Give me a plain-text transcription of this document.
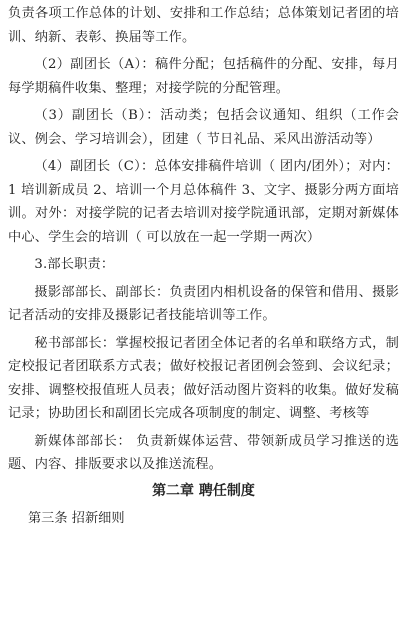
负责各项工作总体的计划、安排和工作总结；总体策划记者团的培训、纳新、表彰、换届等工作。

（2）副团长（A）：稿件分配；包括稿件的分配、安排，每月每学期稿件收集、整理；对接学院的分配管理。

（3）副团长（B）：活动类；包括会议通知、组织（工作会议、例会、学习培训会），团建（ 节日礼品、采风出游活动等）

（4）副团长（C）：总体安排稿件培训（ 团内/团外）；对内：1 培训新成员 2、培训一个月总体稿件 3、文字、摄影分两方面培训。对外：对接学院的记者去培训对接学院通讯部，定期对新媒体中心、学生会的培训（ 可以放在一起一学期一两次）

3.部长职责：

摄影部部长、副部长：负责团内相机设备的保管和借用、摄影记者活动的安排及摄影记者技能培训等工作。

秘书部部长：掌握校报记者团全体记者的名单和联络方式，制定校报记者团联系方式表；做好校报记者团例会签到、会议纪录；安排、调整校报值班人员表；做好活动图片资料的收集。做好发稿记录；协助团长和副团长完成各项制度的制定、调整、考核等

新媒体部部长： 负责新媒体运营、带领新成员学习推送的选题、内容、排版要求以及推送流程。

第二章 聘任制度
第三条 招新细则
